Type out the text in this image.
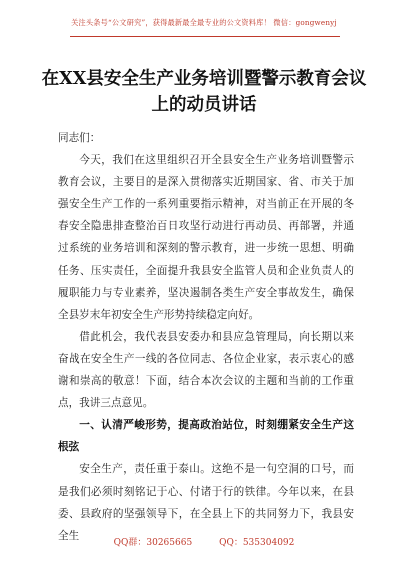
关注头条号“公文研究”，获得最新最全最专业的公文资料库！ 微信：gongwenyj
在XX县安全生产业务培训暨警示教育会议上的动员讲话

同志们：

今天，我们在这里组织召开全县安全生产业务培训暨警示教育会议，主要目的是深入贯彻落实近期国家、省、市关于加强安全生产工作的一系列重要指示精神，对当前正在开展的冬春安全隐患排查整治百日攻坚行动进行再动员、再部署，并通过系统的业务培训和深刻的警示教育，进一步统一思想、明确任务、压实责任，全面提升我县安全监管人员和企业负责人的履职能力与专业素养，坚决遏制各类生产安全事故发生，确保全县岁末年初安全生产形势持续稳定向好。

借此机会，我代表县安委办和县应急管理局，向长期以来奋战在安全生产一线的各位同志、各位企业家，表示衷心的感谢和崇高的敬意！下面，结合本次会议的主题和当前的工作重点，我讲三点意见。

一、认清严峻形势，提高政治站位，时刻绷紧安全生产这根弦

安全生产，责任重于泰山。这绝不是一句空洞的口号，而是我们必须时刻铭记于心、付诸于行的铁律。今年以来，在县委、县政府的坚强领导下，在全县上下的共同努力下，我县安全生

QQ群：30265665	QQ：535304092
